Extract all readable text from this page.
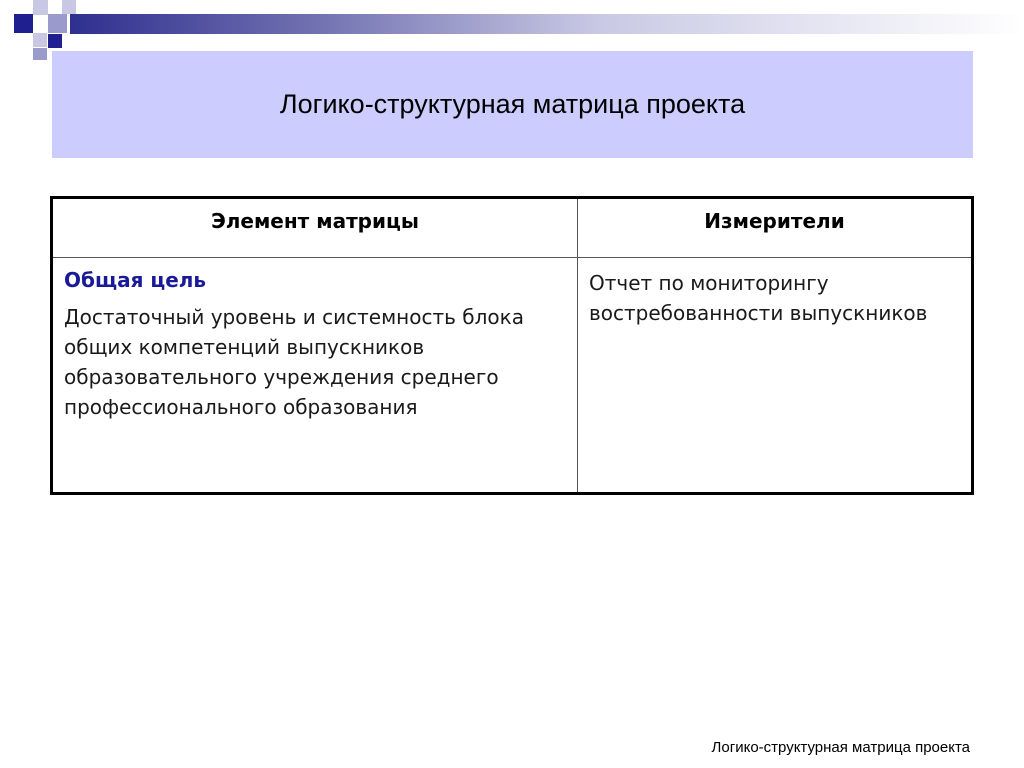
Логико-структурная матрица проекта
Элемент матрицы	Измерители

Общая цель

Достаточный уровень и системность блока общих компетенций выпускников образовательного учреждения среднего профессионального образования	Отчет по мониторингу востребованности выпускников

Логико-структурная матрица проекта
